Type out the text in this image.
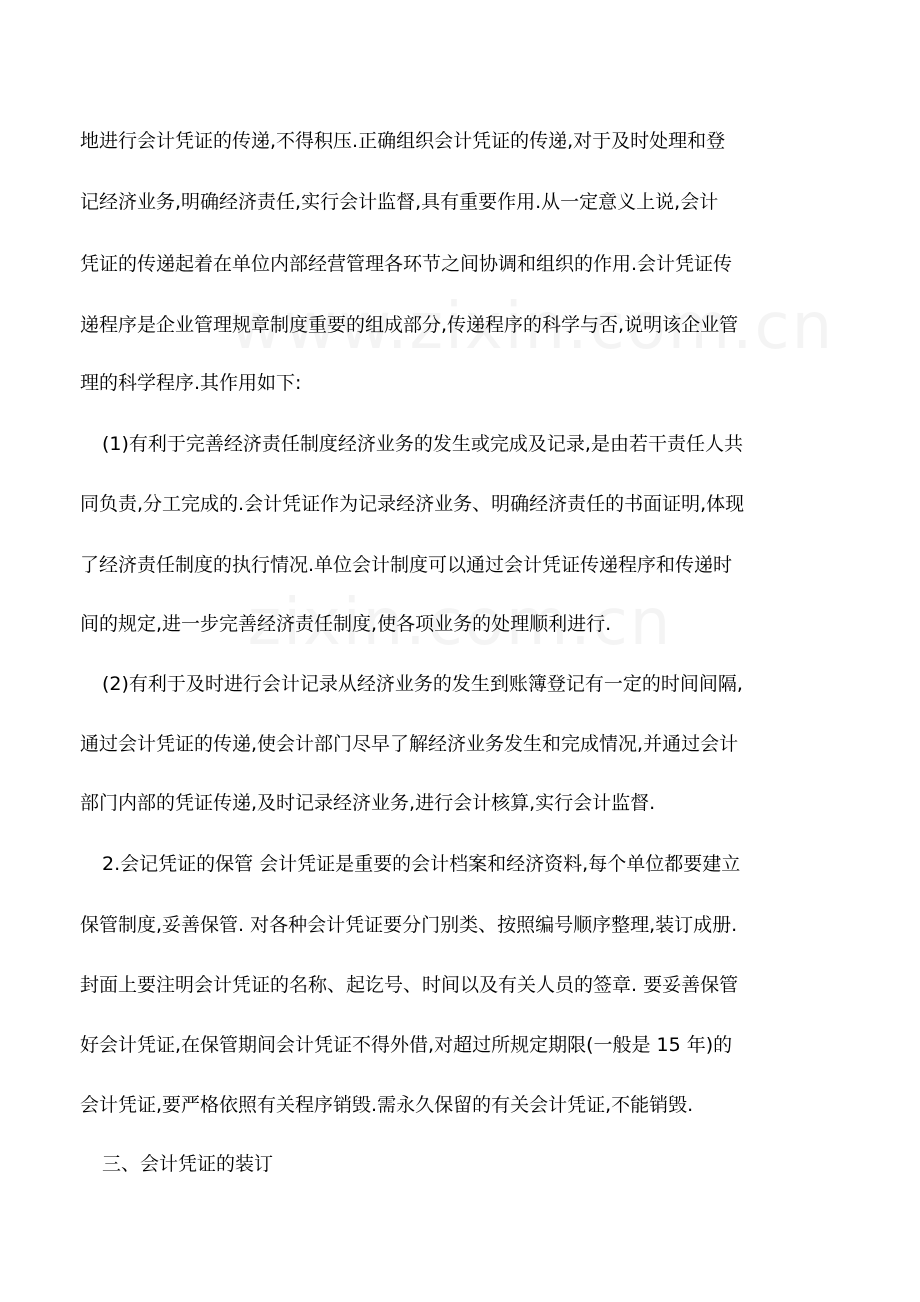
地进行会计凭证的传递,不得积压.正确组织会计凭证的传递,对于及时处理和登
记经济业务,明确经济责任,实行会计监督,具有重要作用.从一定意义上说,会计
凭证的传递起着在单位内部经营管理各环节之间协调和组织的作用.会计凭证传
递程序是企业管理规章制度重要的组成部分,传递程序的科学与否,说明该企业管
理的科学程序.其作用如下:
(1)有利于完善经济责任制度经济业务的发生或完成及记录,是由若干责任人共
同负责,分工完成的.会计凭证作为记录经济业务、明确经济责任的书面证明,体现
了经济责任制度的执行情况.单位会计制度可以通过会计凭证传递程序和传递时
间的规定,进一步完善经济责任制度,使各项业务的处理顺利进行.
(2)有利于及时进行会计记录从经济业务的发生到账簿登记有一定的时间间隔,
通过会计凭证的传递,使会计部门尽早了解经济业务发生和完成情况,并通过会计
部门内部的凭证传递,及时记录经济业务,进行会计核算,实行会计监督.
2.会记凭证的保管 会计凭证是重要的会计档案和经济资料,每个单位都要建立
保管制度,妥善保管. 对各种会计凭证要分门别类、按照编号顺序整理,装订成册.
封面上要注明会计凭证的名称、起讫号、时间以及有关人员的签章. 要妥善保管
好会计凭证,在保管期间会计凭证不得外借,对超过所规定期限(一般是 15 年)的
会计凭证,要严格依照有关程序销毁.需永久保留的有关会计凭证,不能销毁.
三、会计凭证的装订
